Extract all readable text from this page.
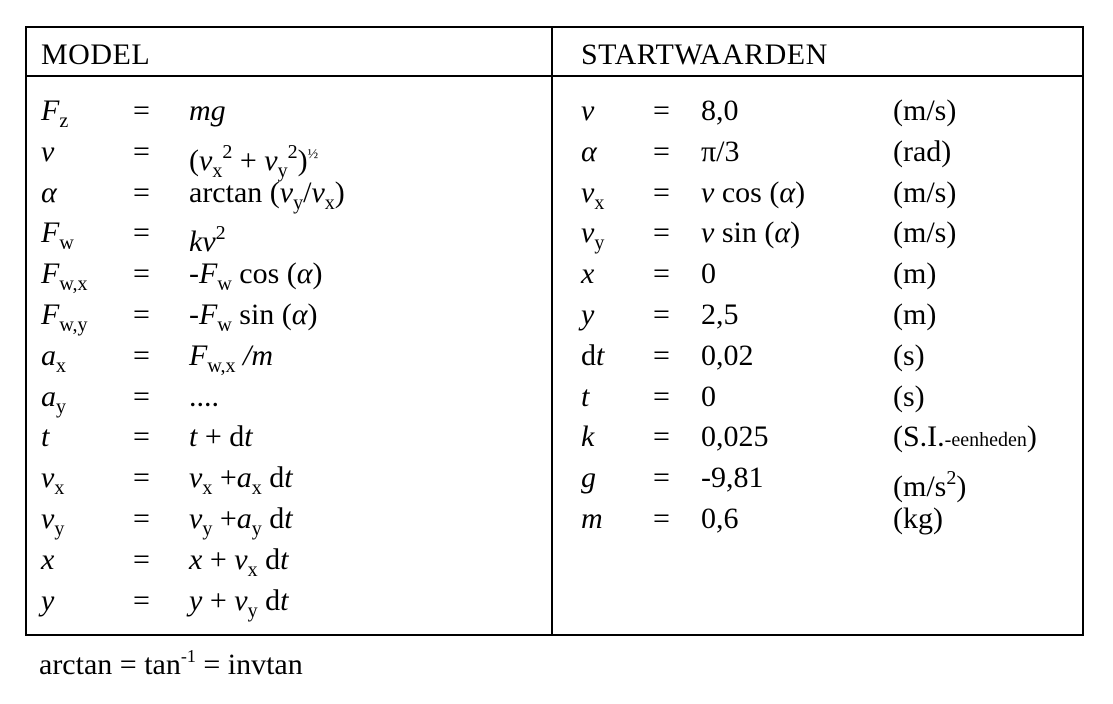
MODEL	STARTWAARDEN
$F_z$ = mg
v	= $(v_x^2 + v_y^2)^{\frac{1}{2}}$
α	= $\arctan (v_y/v_x)$
$F_w = kv^2$
$F_{w,x} = -F_w$ cos (α)
$F_{w,y} = -F_w$ sin (α)
$a_x = F_{w,x}$ /m
$a_y$ = ....
t	= t + dt
$v_x = v_x +a_x$ dt
$v_y = v_y +a_y$ dt
x	= $x + v_x$ dt
y	= $y + v_y$ dt
v = 8,0	(m/s)
α = π/3	(rad)
$v_x = v$ cos (α)	(m/s)
$v_y = v$ sin (α)	(m/s)
x = 0	(m)
y = 2,5	(m)
dt = 0,02	(s)
t = 0	(s)
k = 0,025	(S.I.-eenheden)
g = -9,81	$(m/s^2)$
m = 0,6	(kg)
$\arctan = \tan^{-1} = invtan$
